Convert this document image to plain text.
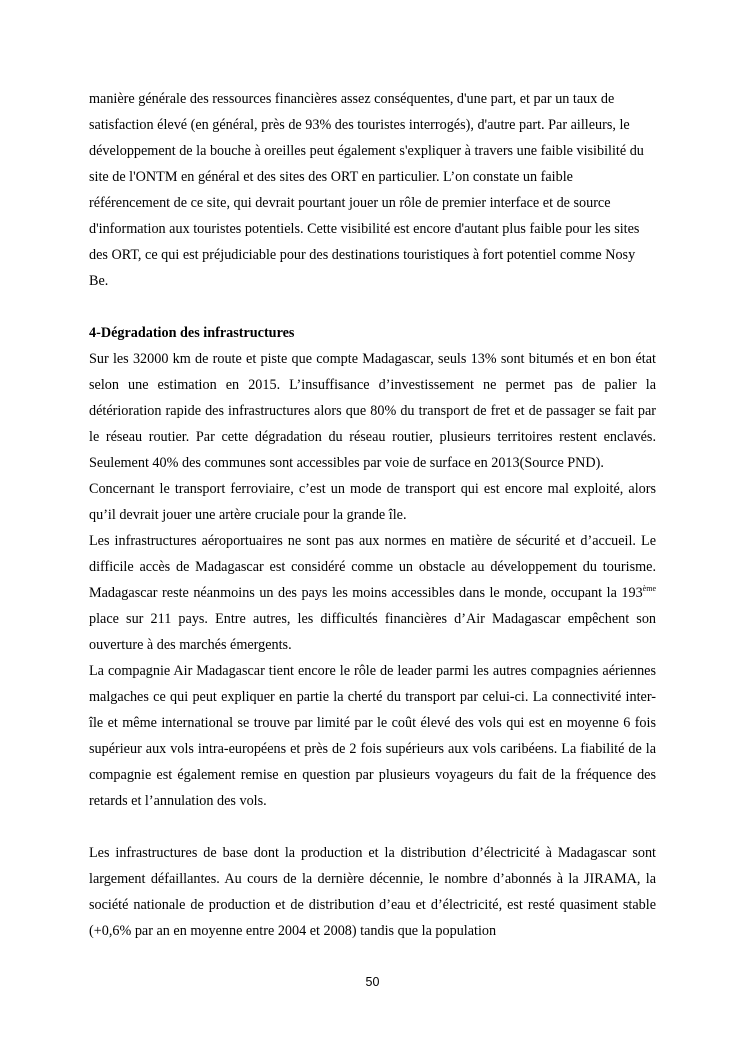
manière générale des ressources financières assez conséquentes, d'une part, et par un taux de satisfaction élevé (en général, près de 93% des touristes interrogés), d'autre part. Par ailleurs, le développement de la bouche à oreilles peut également s'expliquer à travers une faible visibilité du site de l'ONTM en général et des sites des ORT en particulier. L’on constate un faible référencement de ce site, qui devrait pourtant jouer un rôle de premier interface et de source d'information aux touristes potentiels. Cette visibilité est encore d'autant plus faible pour les sites des ORT, ce qui est préjudiciable pour des destinations touristiques à fort potentiel comme Nosy Be.

4-Dégradation des infrastructures

Sur les 32000 km de route et piste que compte Madagascar, seuls 13% sont bitumés et en bon état selon une estimation en 2015. L’insuffisance d’investissement ne permet pas de palier la détérioration rapide des infrastructures alors que 80% du transport de fret et de passager se fait par le réseau routier. Par cette dégradation du réseau routier, plusieurs territoires restent enclavés. Seulement 40% des communes sont accessibles par voie de surface en 2013(Source PND).

Concernant le transport ferroviaire, c’est un mode de transport qui est encore mal exploité, alors qu’il devrait jouer une artère cruciale pour la grande île.

Les infrastructures aéroportuaires ne sont pas aux normes en matière de sécurité et d’accueil. Le difficile accès de Madagascar est considéré comme un obstacle au développement du tourisme. Madagascar reste néanmoins un des pays les moins accessibles dans le monde, occupant la 193ème place sur 211 pays. Entre autres, les difficultés financières d’Air Madagascar empêchent son ouverture à des marchés émergents.

La compagnie Air Madagascar tient encore le rôle de leader parmi les autres compagnies aériennes malgaches ce qui peut expliquer en partie la cherté du transport par celui-ci. La connectivité inter-île et même international se trouve par limité par le coût élevé des vols qui est en moyenne 6 fois supérieur aux vols intra-européens et près de 2 fois supérieurs aux vols caribéens. La fiabilité de la compagnie est également remise en question par plusieurs voyageurs du fait de la fréquence des retards et l’annulation des vols.

Les infrastructures de base dont la production et la distribution d’électricité à Madagascar sont largement défaillantes. Au cours de la dernière décennie, le nombre d’abonnés à la JIRAMA, la société nationale de production et de distribution d’eau et d’électricité, est resté quasiment stable (+0,6% par an en moyenne entre 2004 et 2008) tandis que la population

50
